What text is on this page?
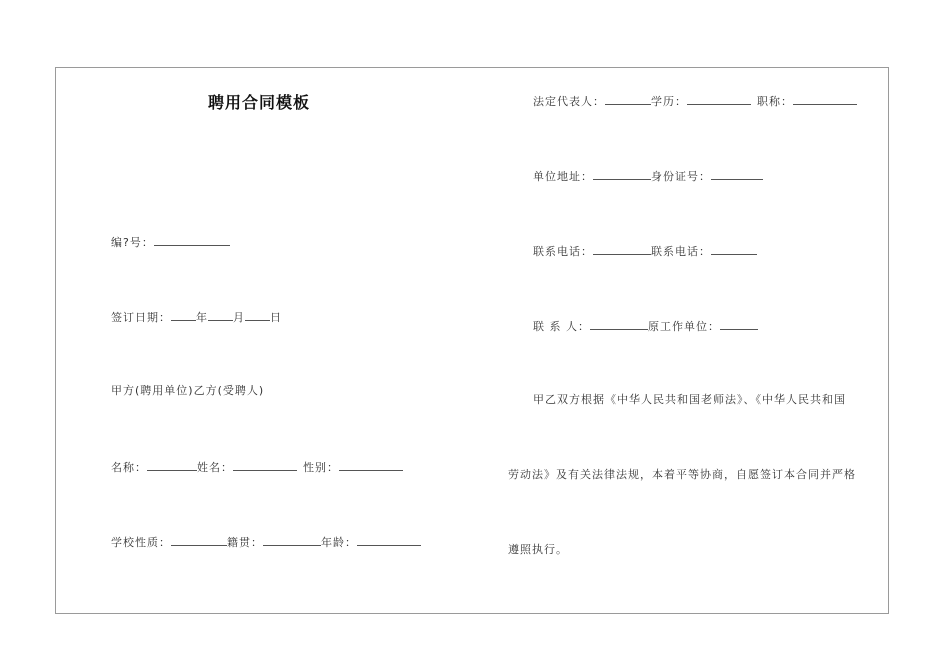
聘用合同模板
编?号：
签订日期： 年 月 日
甲方(聘用单位)乙方(受聘人)
名称：	姓名：	性别：
学校性质：	籍贯：	年龄：
法定代表人：	学历：	职称：
单位地址：	身份证号：
联系电话：	联系电话：
联 系 人：	原工作单位：
甲乙双方根据《中华人民共和国老师法》、《中华人民共和国
劳动法》及有关法律法规，本着平等协商，自愿签订本合同并严格
遵照执行。
